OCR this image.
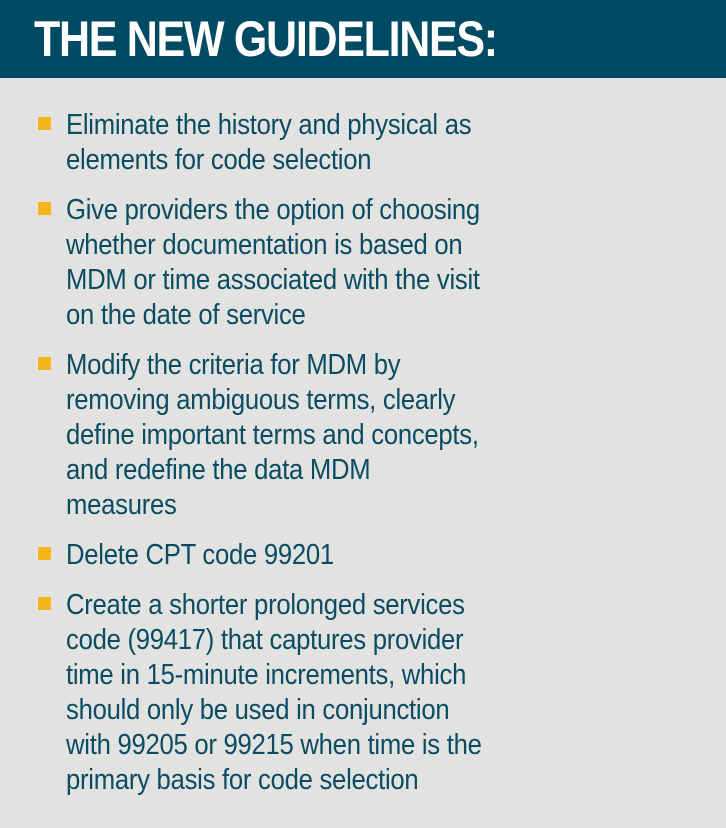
THE NEW GUIDELINES:
Eliminate the history and physical as
elements for code selection
Give providers the option of choosing
whether documentation is based on
MDM or time associated with the visit
on the date of service
Modify the criteria for MDM by
removing ambiguous terms, clearly
define important terms and concepts,
and redefine the data MDM
measures
Delete CPT code 99201
Create a shorter prolonged services
code (99417) that captures provider
time in 15-minute increments, which
should only be used in conjunction
with 99205 or 99215 when time is the
primary basis for code selection
